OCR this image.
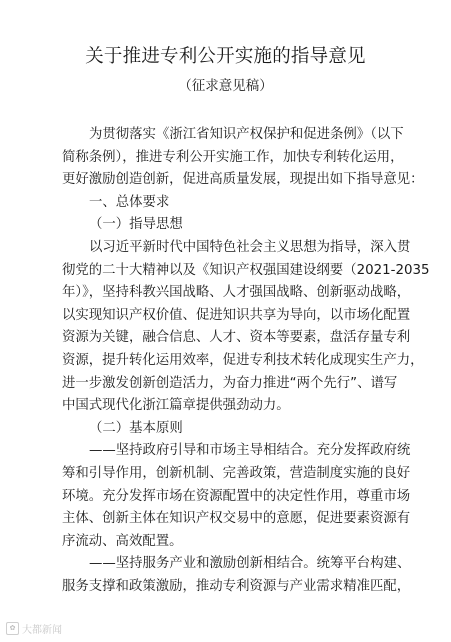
关于推进专利公开实施的指导意见
（征求意见稿）
为贯彻落实《浙江省知识产权保护和促进条例》（以下
简称条例），推进专利公开实施工作，加快专利转化运用，
更好激励创造创新，促进高质量发展，现提出如下指导意见：
一、总体要求
（一）指导思想
以习近平新时代中国特色社会主义思想为指导，深入贯
彻党的二十大精神以及《知识产权强国建设纲要（2021-2035
年）》，坚持科教兴国战略、人才强国战略、创新驱动战略，
以实现知识产权价值、促进知识共享为导向，以市场化配置
资源为关键，融合信息、人才、资本等要素，盘活存量专利
资源，提升转化运用效率，促进专利技术转化成现实生产力，
进一步激发创新创造活力，为奋力推进“两个先行”、谱写
中国式现代化浙江篇章提供强劲动力。
（二）基本原则
——坚持政府引导和市场主导相结合。充分发挥政府统
筹和引导作用，创新机制、完善政策，营造制度实施的良好
环境。充分发挥市场在资源配置中的决定性作用，尊重市场
主体、创新主体在知识产权交易中的意愿，促进要素资源有
序流动、高效配置。
——坚持服务产业和激励创新相结合。统筹平台构建、
服务支撑和政策激励，推动专利资源与产业需求精准匹配，
✿ 大都新闻
